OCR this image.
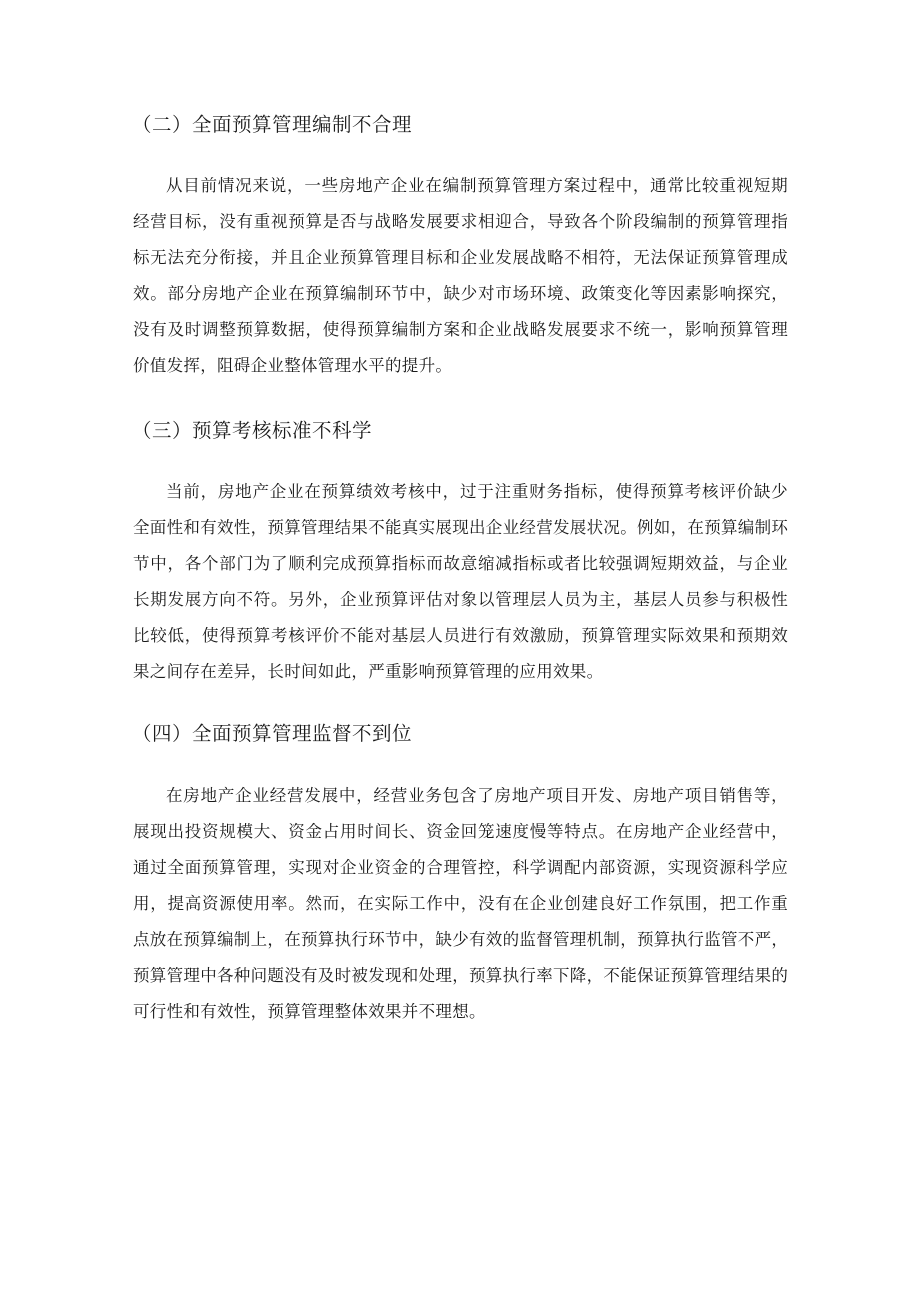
（二）全面预算管理编制不合理
从目前情况来说，一些房地产企业在编制预算管理方案过程中，通常比较重视短期
经营目标，没有重视预算是否与战略发展要求相迎合，导致各个阶段编制的预算管理指
标无法充分衔接，并且企业预算管理目标和企业发展战略不相符，无法保证预算管理成
效。部分房地产企业在预算编制环节中，缺少对市场环境、政策变化等因素影响探究，
没有及时调整预算数据，使得预算编制方案和企业战略发展要求不统一，影响预算管理
价值发挥，阻碍企业整体管理水平的提升。
（三）预算考核标准不科学
当前，房地产企业在预算绩效考核中，过于注重财务指标，使得预算考核评价缺少
全面性和有效性，预算管理结果不能真实展现出企业经营发展状况。例如，在预算编制环
节中，各个部门为了顺利完成预算指标而故意缩减指标或者比较强调短期效益，与企业
长期发展方向不符。另外，企业预算评估对象以管理层人员为主，基层人员参与积极性
比较低，使得预算考核评价不能对基层人员进行有效激励，预算管理实际效果和预期效
果之间存在差异，长时间如此，严重影响预算管理的应用效果。
（四）全面预算管理监督不到位
在房地产企业经营发展中，经营业务包含了房地产项目开发、房地产项目销售等，
展现出投资规模大、资金占用时间长、资金回笼速度慢等特点。在房地产企业经营中，
通过全面预算管理，实现对企业资金的合理管控，科学调配内部资源，实现资源科学应
用，提高资源使用率。然而，在实际工作中，没有在企业创建良好工作氛围，把工作重
点放在预算编制上，在预算执行环节中，缺少有效的监督管理机制，预算执行监管不严，
预算管理中各种问题没有及时被发现和处理，预算执行率下降，不能保证预算管理结果的
可行性和有效性，预算管理整体效果并不理想。
